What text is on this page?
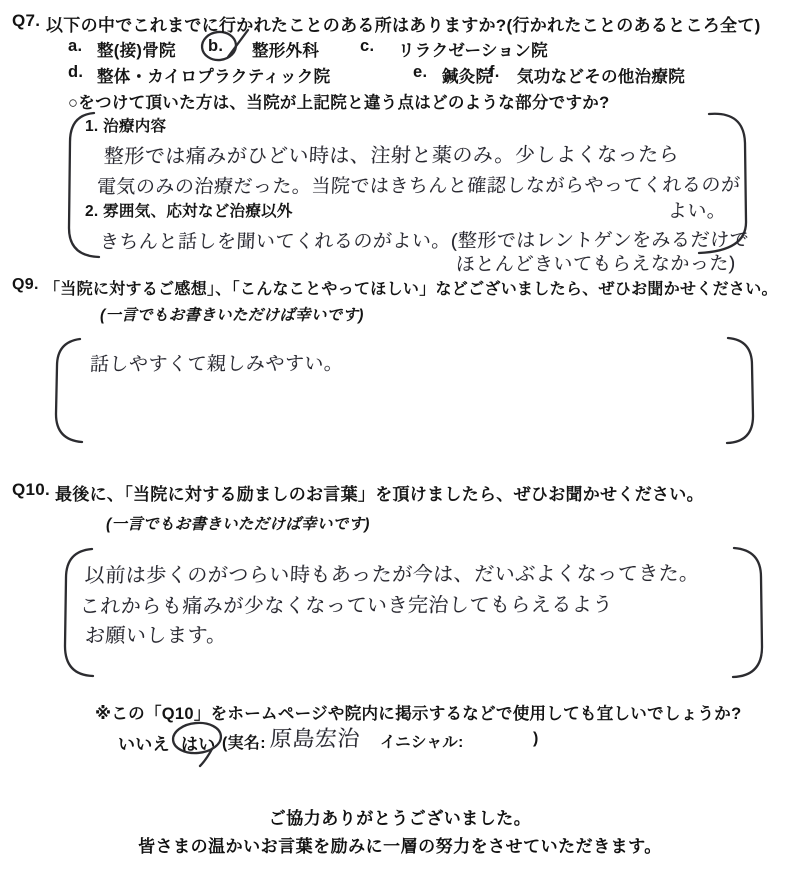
Q7. 以下の中でこれまでに行かれたことのある所はありますか?(行かれたことのあるところ全て)
a. 整(接)骨院 b. 整形外科 c. リラクゼーション院
d. 整体・カイロプラクティック院	e. 鍼灸院
f. 気功などその他治療院
○をつけて頂いた方は、当院が上記院と違う点はどのような部分ですか?
1. 治療内容
整形では痛みがひどい時は、注射と薬のみ。少しよくなったら
電気のみの治療だった。当院ではきちんと確認しながらやってくれるのが
よい。
2. 雰囲気、応対など治療以外
きちんと話しを聞いてくれるのがよい。(整形ではレントゲンをみるだけで
ほとんどきいてもらえなかった)
Q9. 「当院に対するご感想」、「こんなことやってほしい」などございましたら、ぜひお聞かせください。
(一言でもお書きいただけば幸いです)
話しやすくて親しみやすい。
Q10. 最後に、「当院に対する励ましのお言葉」を頂けましたら、ぜひお聞かせください。
(一言でもお書きいただけば幸いです)
以前は歩くのがつらい時もあったが今は、だいぶよくなってきた。
これからも痛みが少なくなっていき完治してもらえるよう
お願いします。
※この「Q10」をホームページや院内に掲示するなどで使用しても宜しいでしょうか?
いいえ はい (実名: 原島宏治 イニシャル:	)
ご協力ありがとうございました。
皆さまの温かいお言葉を励みに一層の努力をさせていただきます。
